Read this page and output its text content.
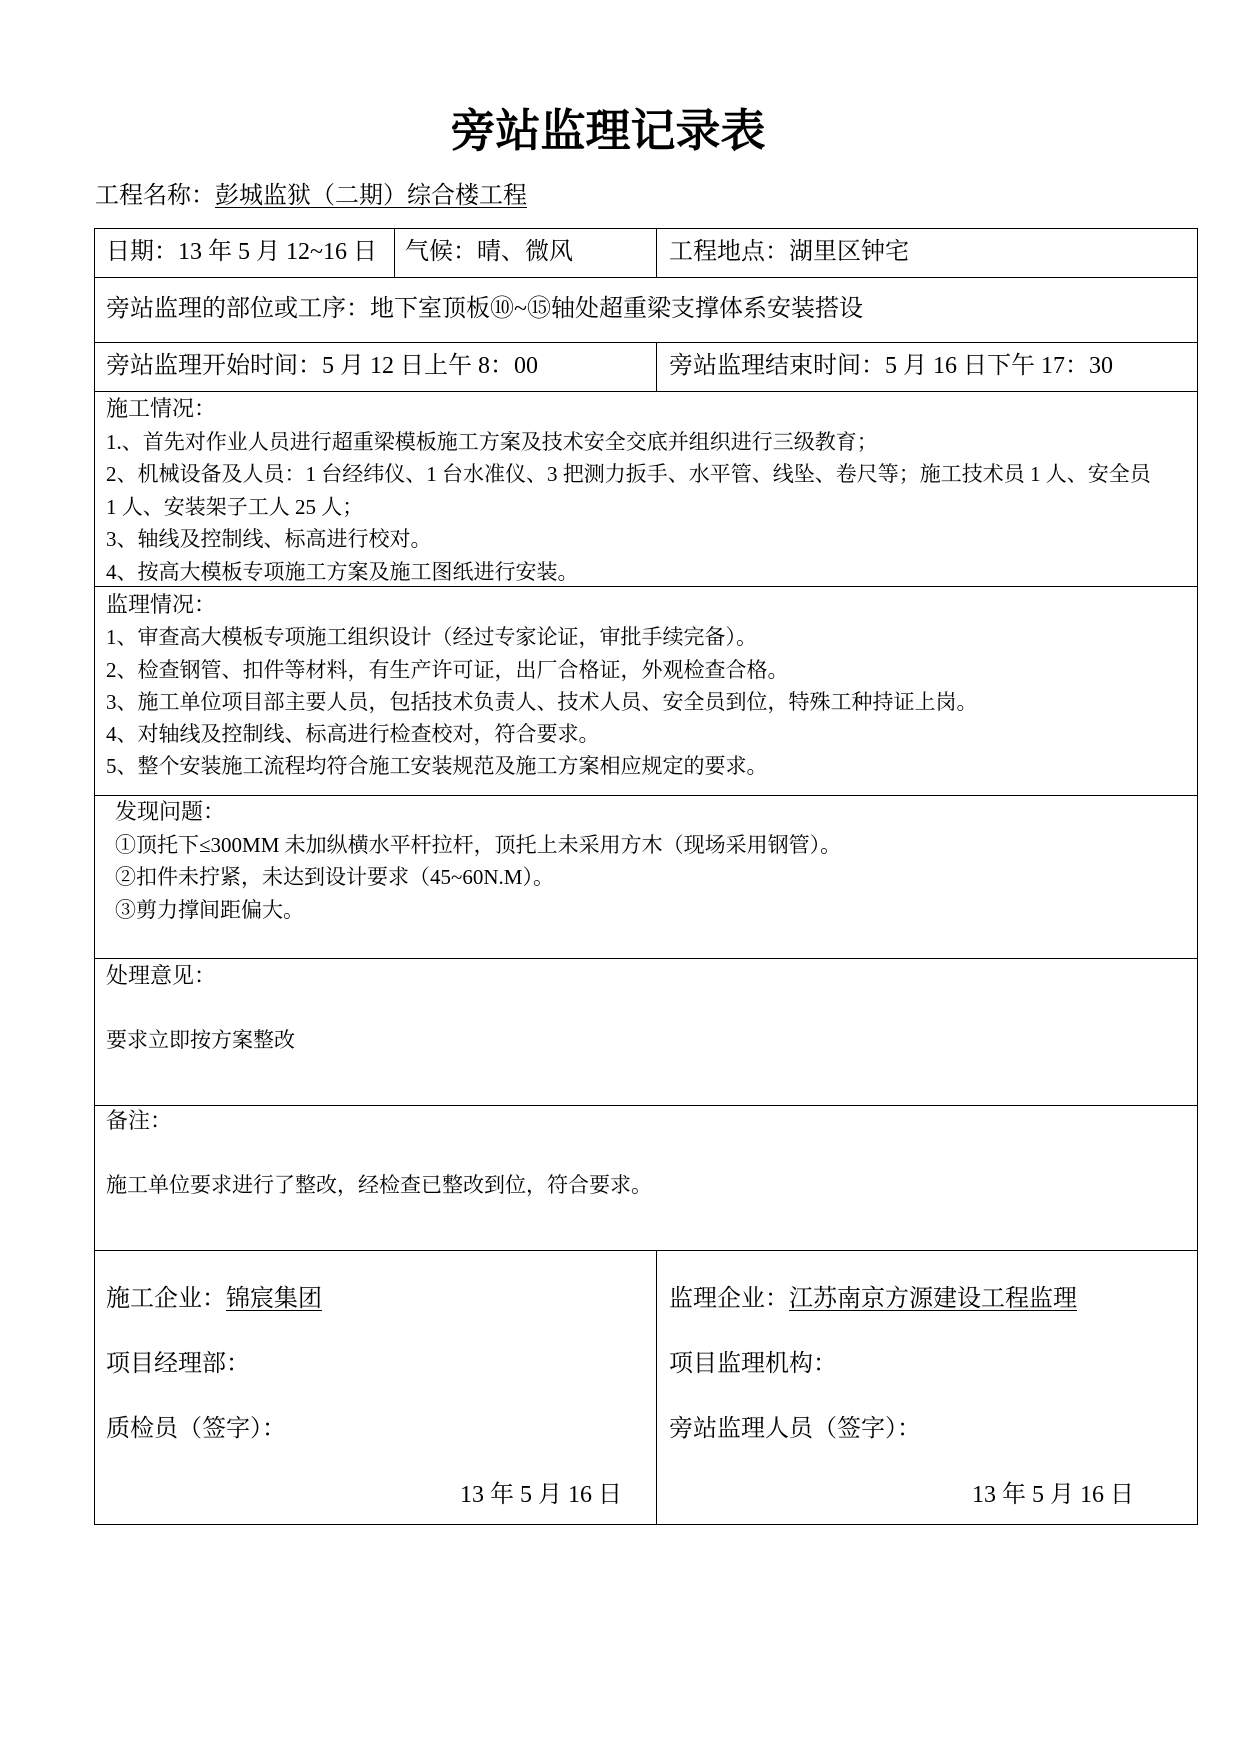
旁站监理记录表
工程名称：彭城监狱（二期）综合楼工程
日期：13 年 5 月 12~16 日 气候：晴、微风	工程地点：湖里区钟宅
旁站监理的部位或工序：地下室顶板⑩~⑮轴处超重梁支撑体系安装搭设
旁站监理开始时间：5 月 12 日上午 8：00	旁站监理结束时间：5 月 16 日下午 17：30
施工情况：
1.、首先对作业人员进行超重梁模板施工方案及技术安全交底并组织进行三级教育；
2、机械设备及人员：1 台经纬仪、1 台水准仪、3 把测力扳手、水平管、线坠、卷尺等；施工技术员 1 人、安全员 1 人、安装架子工人 25 人；
3、轴线及控制线、标高进行校对。
4、按高大模板专项施工方案及施工图纸进行安装。
监理情况：
1、审查高大模板专项施工组织设计（经过专家论证，审批手续完备）。
2、检查钢管、扣件等材料，有生产许可证，出厂合格证，外观检查合格。
3、施工单位项目部主要人员，包括技术负责人、技术人员、安全员到位，特殊工种持证上岗。
4、对轴线及控制线、标高进行检查校对，符合要求。
5、整个安装施工流程均符合施工安装规范及施工方案相应规定的要求。
发现问题：
①顶托下≤300MM 未加纵横水平杆拉杆，顶托上未采用方木（现场采用钢管）。
②扣件未拧紧，未达到设计要求（45~60N.M）。
③剪力撑间距偏大。
处理意见：
要求立即按方案整改
备注：
施工单位要求进行了整改，经检查已整改到位，符合要求。
施工企业：锦宸集团
项目经理部：
质检员（签字）：
13 年 5 月 16 日
监理企业：江苏南京方源建设工程监理
项目监理机构：
旁站监理人员（签字）：
13 年 5 月 16 日
